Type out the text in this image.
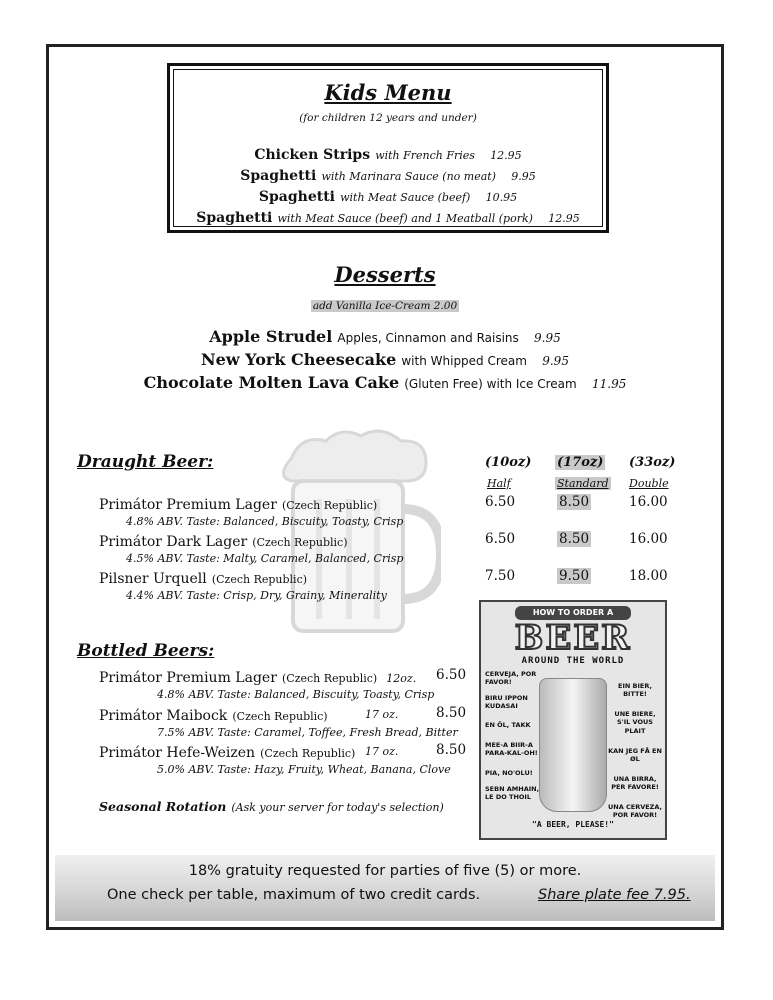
Kids Menu
(for children 12 years and under)
Chicken Strips with French Fries 12.95
Spaghetti with Marinara Sauce (no meat) 9.95
Spaghetti with Meat Sauce (beef) 10.95
Spaghetti with Meat Sauce (beef) and 1 Meatball (pork) 12.95
Desserts
add Vanilla Ice-Cream 2.00
Apple Strudel Apples, Cinnamon and Raisins 9.95
New York Cheesecake with Whipped Cream 9.95
Chocolate Molten Lava Cake (Gluten Free) with Ice Cream 11.95
Draught Beer:	(10oz) (17oz) (33oz)
Half	Standard Double
Primátor Premium Lager (Czech Republic)
4.8% ABV. Taste: Balanced, Biscuity, Toasty, Crisp
6.50	8.50	16.00
Primátor Dark Lager (Czech Republic)
4.5% ABV. Taste: Malty, Caramel, Balanced, Crisp
6.50	8.50	16.00
Pilsner Urquell (Czech Republic)
4.4% ABV. Taste: Crisp, Dry, Grainy, Minerality
7.50	9.50	18.00
HOW TO ORDER A
BEER
AROUND THE WORLD
CERVEJA, POR FAVOR!
BIRU IPPON KUDASAI
EN ÖL, TAKK
MEE-A BIIR-A PARA-KAL-OH!
PIA, NO'OLU!
SEBN AMHAIN, LE DO THOIL
EIN BIER, BITTE!
UNE BIERE, S'IL VOUS PLAIT
KAN JEG FÅ EN ØL
UNA BIRRA, PER FAVORE!
UNA CERVEZA, POR FAVOR!
"A BEER, PLEASE!"
Bottled Beers:
Primátor Premium Lager (Czech Republic) 12oz. 6.50
4.8% ABV. Taste: Balanced, Biscuity, Toasty, Crisp
Primátor Maibock (Czech Republic)	17 oz.	8.50
7.5% ABV. Taste: Caramel, Toffee, Fresh Bread, Bitter
Primátor Hefe-Weizen (Czech Republic) 17 oz.	8.50
5.0% ABV. Taste: Hazy, Fruity, Wheat, Banana, Clove
Seasonal Rotation (Ask your server for today's selection)
18% gratuity requested for parties of five (5) or more.
One check per table, maximum of two credit cards.	Share plate fee 7.95.
